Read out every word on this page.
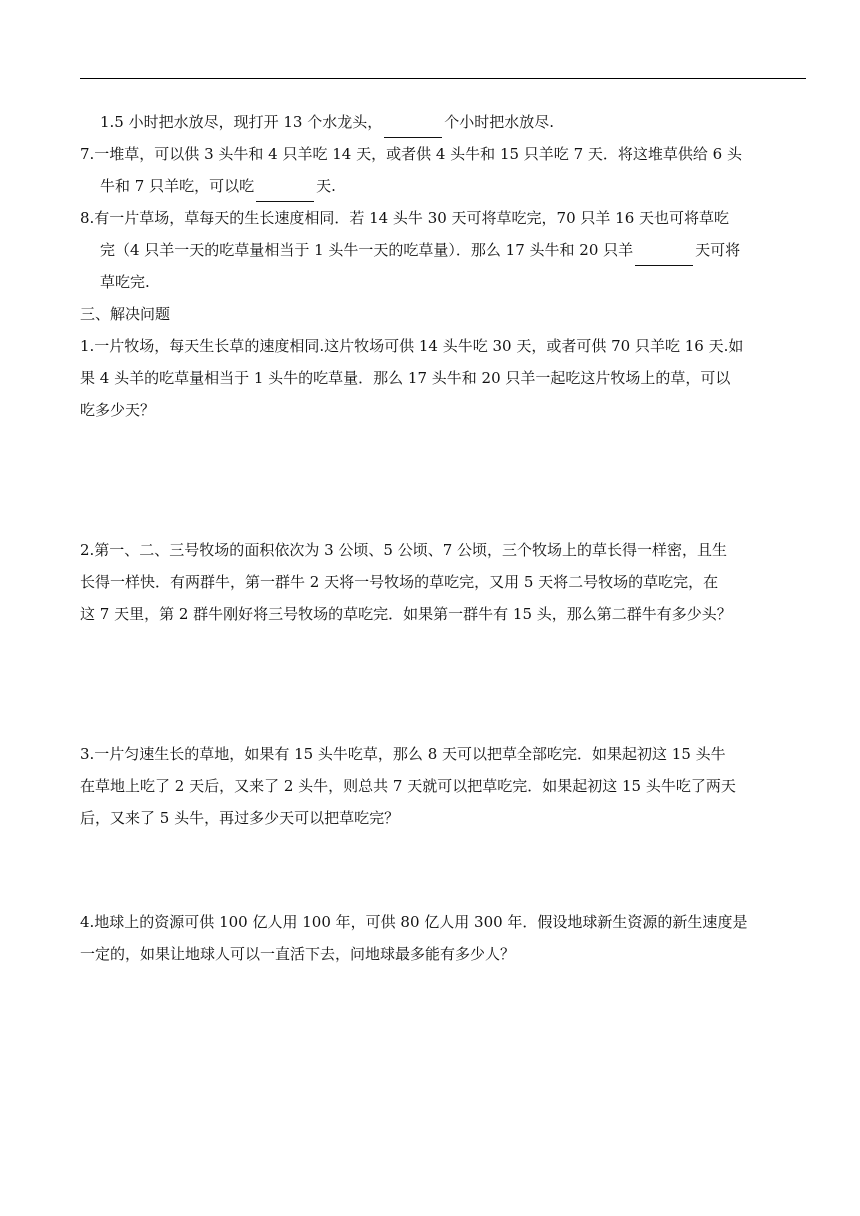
1.5 小时把水放尽，现打开 13 个水龙头，	个小时把水放尽.
7.一堆草，可以供 3 头牛和 4 只羊吃 14 天，或者供 4 头牛和 15 只羊吃 7 天．将这堆草供给 6 头
牛和 7 只羊吃，可以吃	天.
8.有一片草场，草每天的生长速度相同．若 14 头牛 30 天可将草吃完，70 只羊 16 天也可将草吃
完（4 只羊一天的吃草量相当于 1 头牛一天的吃草量）．那么 17 头牛和 20 只羊	天可将
草吃完.
三、解决问题
1.一片牧场，每天生长草的速度相同.这片牧场可供 14 头牛吃 30 天，或者可供 70 只羊吃 16 天.如
果 4 头羊的吃草量相当于 1 头牛的吃草量．那么 17 头牛和 20 只羊一起吃这片牧场上的草，可以
吃多少天？
2.第一、二、三号牧场的面积依次为 3 公顷、5 公顷、7 公顷，三个牧场上的草长得一样密，且生
长得一样快．有两群牛，第一群牛 2 天将一号牧场的草吃完，又用 5 天将二号牧场的草吃完，在
这 7 天里，第 2 群牛刚好将三号牧场的草吃完．如果第一群牛有 15 头，那么第二群牛有多少头？
3.一片匀速生长的草地，如果有 15 头牛吃草，那么 8 天可以把草全部吃完．如果起初这 15 头牛
在草地上吃了 2 天后，又来了 2 头牛，则总共 7 天就可以把草吃完．如果起初这 15 头牛吃了两天
后，又来了 5 头牛，再过多少天可以把草吃完？
4.地球上的资源可供 100 亿人用 100 年，可供 80 亿人用 300 年．假设地球新生资源的新生速度是
一定的，如果让地球人可以一直活下去，问地球最多能有多少人？
